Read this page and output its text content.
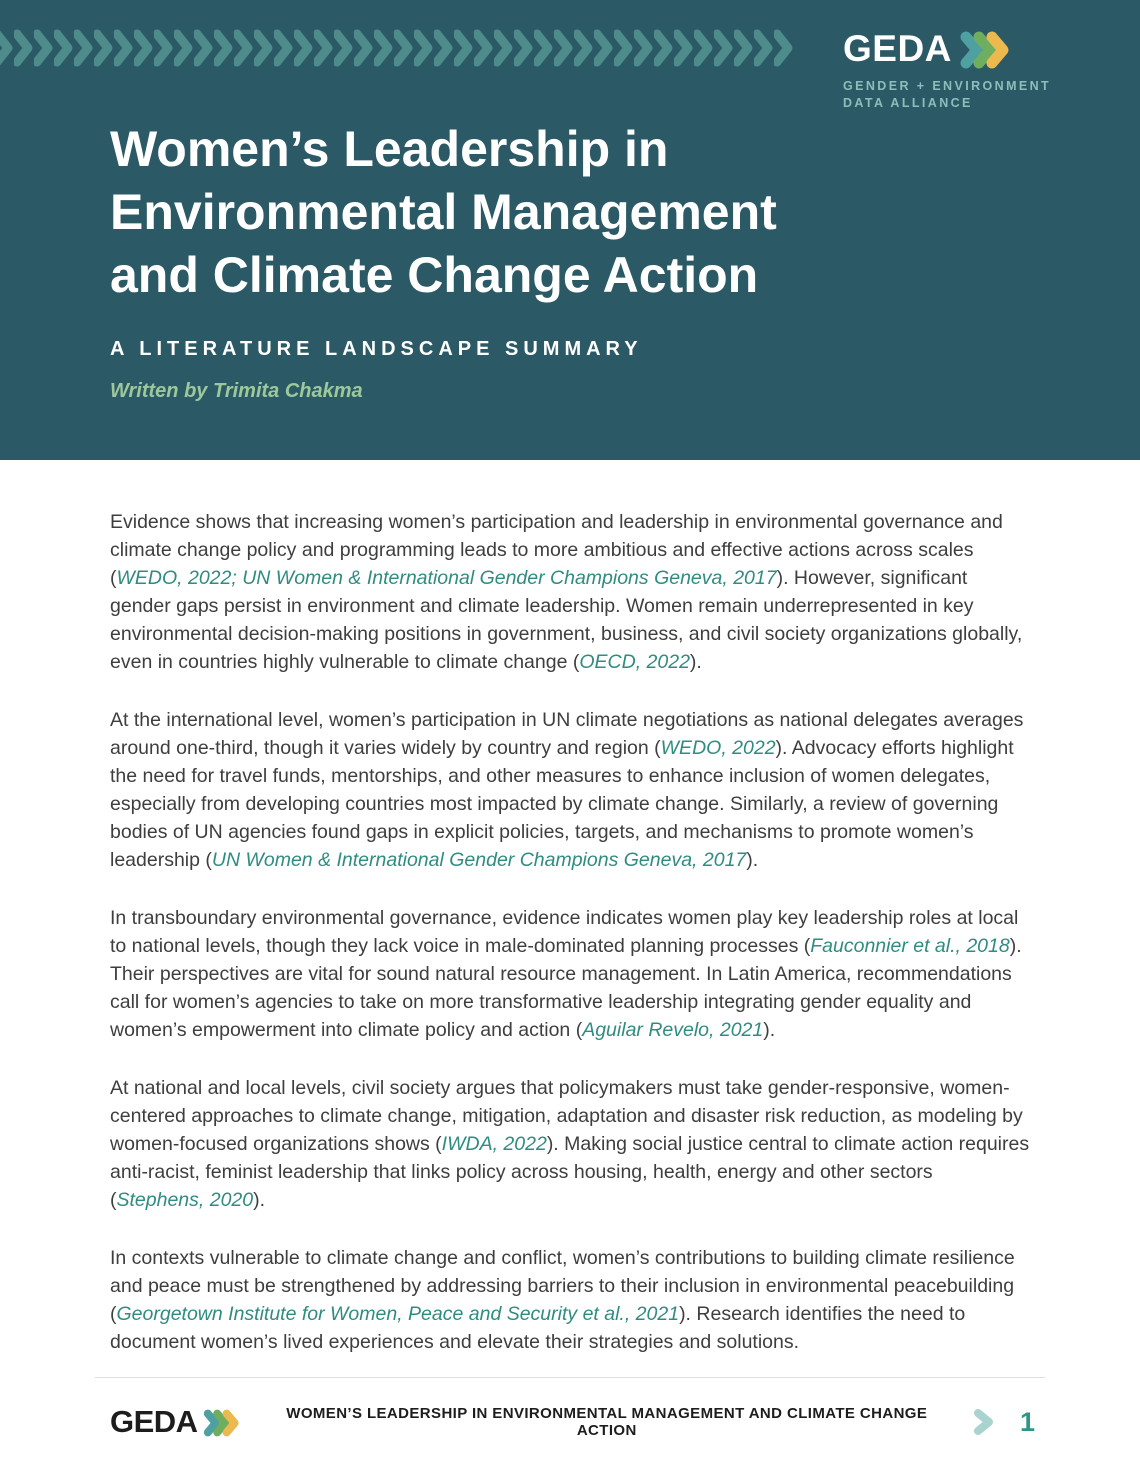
GEDA
GENDER + ENVIRONMENT
DATA ALLIANCE
Women’s Leadership in
Environmental Management
and Climate Change Action
A LITERATURE LANDSCAPE SUMMARY
Written by Trimita Chakma

Evidence shows that increasing women’s participation and leadership in environmental governance and climate change policy and programming leads to more ambitious and effective actions across scales (WEDO, 2022; UN Women & International Gender Champions Geneva, 2017). However, significant gender gaps persist in environment and climate leadership. Women remain underrepresented in key environmental decision-making positions in government, business, and civil society organizations globally, even in countries highly vulnerable to climate change (OECD, 2022).

At the international level, women’s participation in UN climate negotiations as national delegates averages around one-third, though it varies widely by country and region (WEDO, 2022). Advocacy efforts highlight the need for travel funds, mentorships, and other measures to enhance inclusion of women delegates, especially from developing countries most impacted by climate change. Similarly, a review of governing bodies of UN agencies found gaps in explicit policies, targets, and mechanisms to promote women’s leadership (UN Women & International Gender Champions Geneva, 2017).

In transboundary environmental governance, evidence indicates women play key leadership roles at local to national levels, though they lack voice in male-dominated planning processes (Fauconnier et al., 2018). Their perspectives are vital for sound natural resource management. In Latin America, recommendations call for women’s agencies to take on more transformative leadership integrating gender equality and women’s empowerment into climate policy and action (Aguilar Revelo, 2021).

At national and local levels, civil society argues that policymakers must take gender-responsive, women-centered approaches to climate change, mitigation, adaptation and disaster risk reduction, as modeling by women-focused organizations shows (IWDA, 2022). Making social justice central to climate action requires anti-racist, feminist leadership that links policy across housing, health, energy and other sectors (Stephens, 2020).

In contexts vulnerable to climate change and conflict, women’s contributions to building climate resilience and peace must be strengthened by addressing barriers to their inclusion in environmental peacebuilding (Georgetown Institute for Women, Peace and Security et al., 2021). Research identifies the need to document women’s lived experiences and elevate their strategies and solutions.

GEDA	WOMEN’S LEADERSHIP IN ENVIRONMENTAL MANAGEMENT AND CLIMATE CHANGE ACTION	1
